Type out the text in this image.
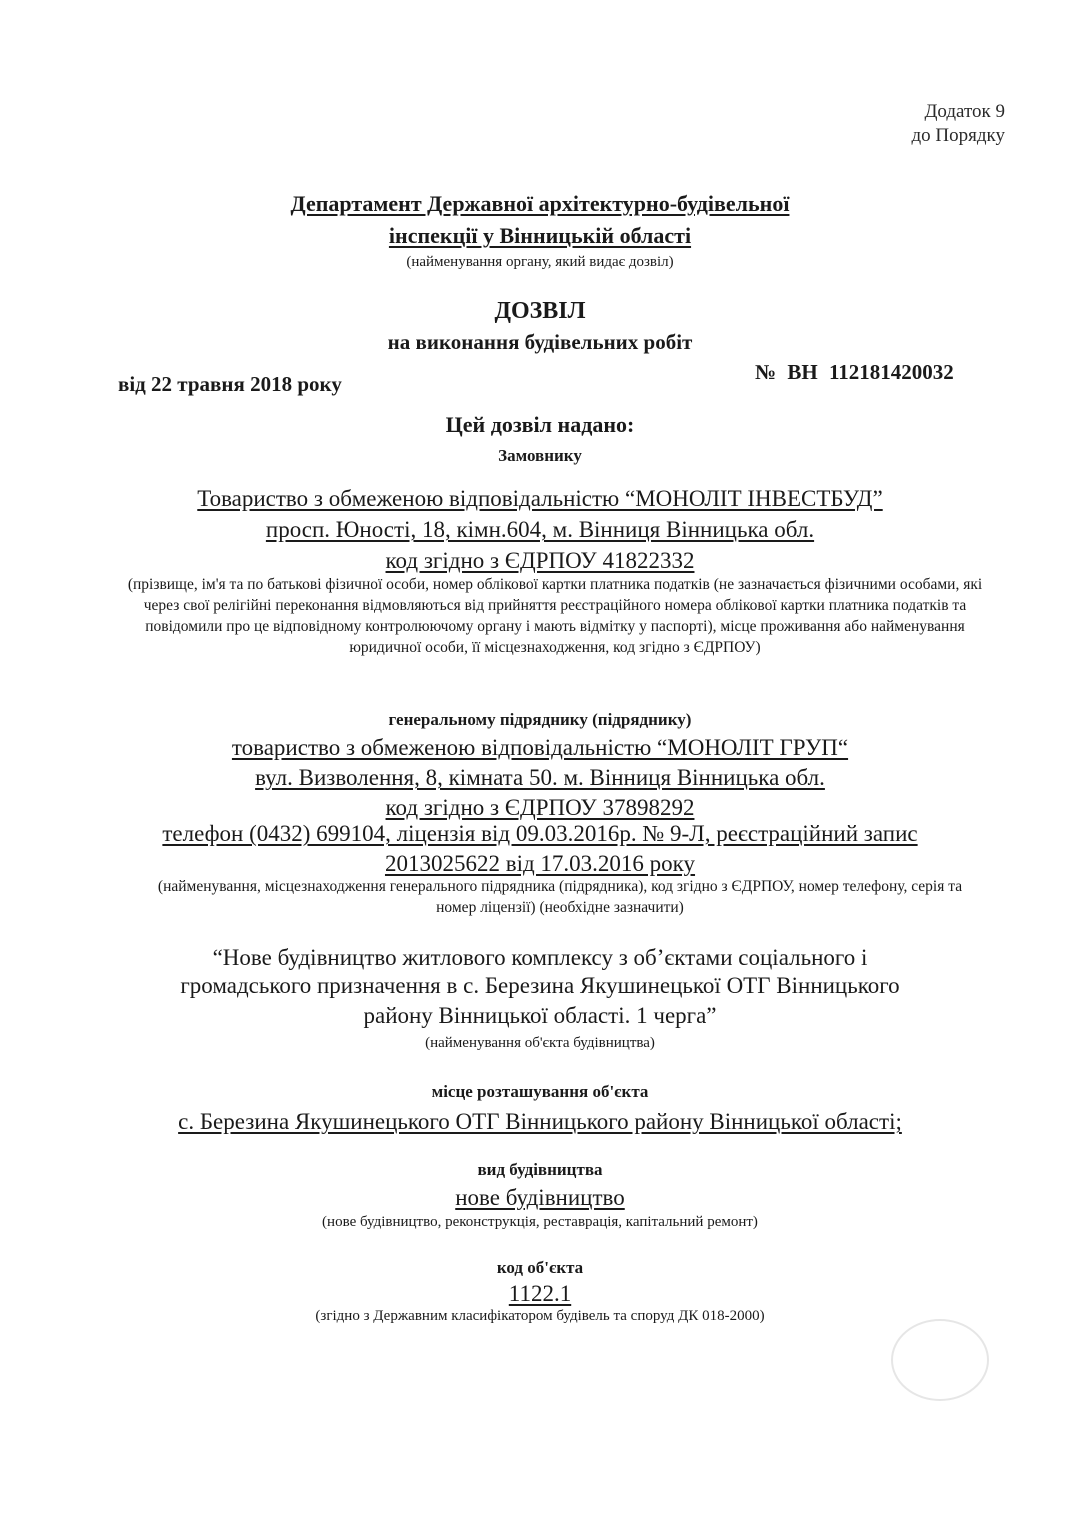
Додаток 9
до Порядку
Департамент Державної архітектурно-будівельної
інспекції у Вінницькій області
(найменування органу, який видає дозвіл)
ДОЗВІЛ
на виконання будівельних робіт
від 22 травня 2018 року	№ ВН 112181420032
Цей дозвіл надано:
Замовнику
Товариство з обмеженою відповідальністю “МОНОЛІТ ІНВЕСТБУД”
просп. Юності, 18, кімн.604, м. Вінниця Вінницька обл.
код згідно з ЄДРПОУ 41822332
(прізвище, ім'я та по батькові фізичної особи, номер облікової картки платника податків (не зазначається фізичними особами, які через свої релігійні переконання відмовляються від прийняття реєстраційного номера облікової картки платника податків та повідомили про це відповідному контролюючому органу і мають відмітку у паспорті), місце проживання або найменування юридичної особи, її місцезнаходження, код згідно з ЄДРПОУ)
генеральному підряднику (підряднику)
товариство з обмеженою відповідальністю “МОНОЛІТ ГРУП“
вул. Визволення, 8, кімната 50. м. Вінниця Вінницька обл.
код згідно з ЄДРПОУ 37898292
телефон (0432) 699104, ліцензія від 09.03.2016р. № 9-Л, реєстраційний запис
2013025622 від 17.03.2016 року
(найменування, місцезнаходження генерального підрядника (підрядника), код згідно з ЄДРПОУ, номер телефону, серія та номер ліцензії) (необхідне зазначити)
“Нове будівництво житлового комплексу з об’єктами соціального і
громадського призначення в с. Березина Якушинецької ОТГ Вінницького
району Вінницької області. 1 черга”
(найменування об'єкта будівництва)
місце розташування об'єкта
с. Березина Якушинецького ОТГ Вінницького району Вінницької області;
вид будівництва
нове будівництво
(нове будівництво, реконструкція, реставрація, капітальний ремонт)
код об'єкта
1122.1
(згідно з Державним класифікатором будівель та споруд ДК 018-2000)
